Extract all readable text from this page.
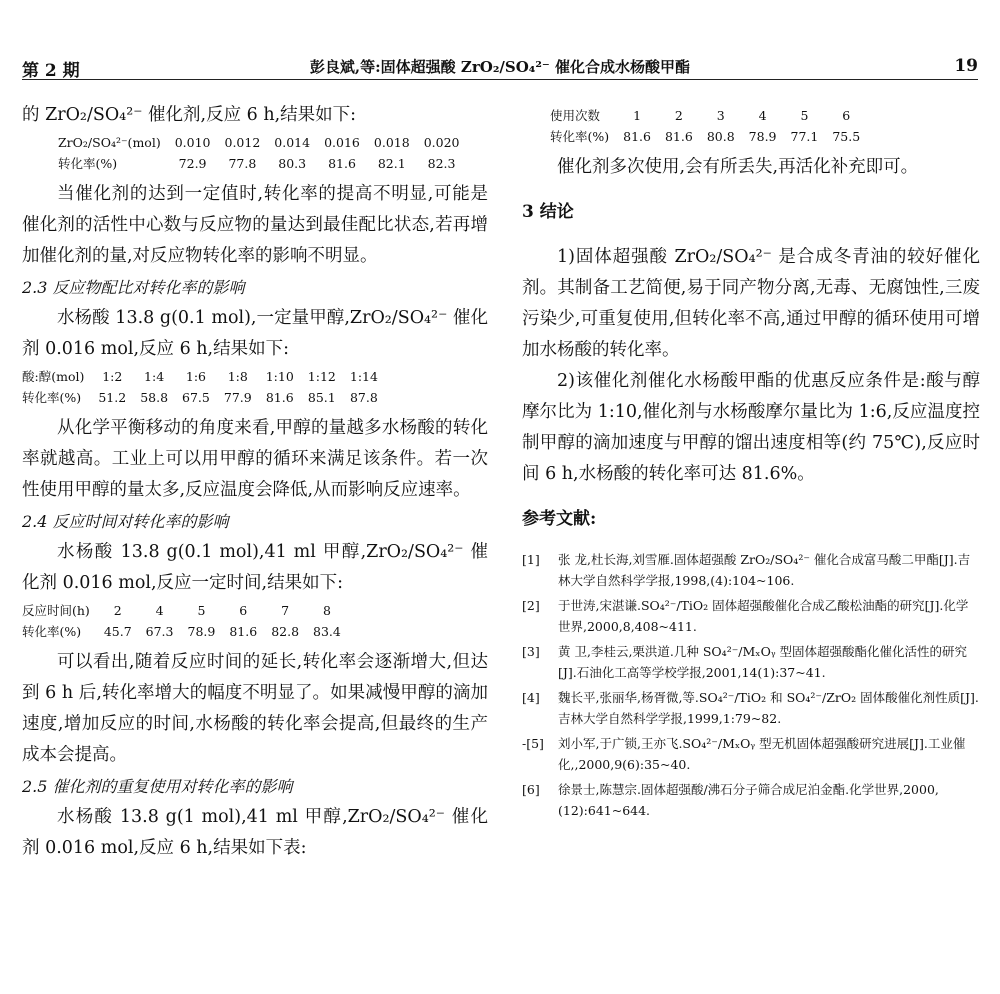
第 2 期	彭良斌,等:固体超强酸 ZrO₂/SO₄²⁻ 催化合成水杨酸甲酯	19

的 ZrO₂/SO₄²⁻ 催化剂,反应 6 h,结果如下:

ZrO₂/SO₄²⁻(mol)	0.010	0.012	0.014	0.016	0.018	0.020
转化率(%)	72.9	77.8	80.3	81.6	82.1	82.3

当催化剂的达到一定值时,转化率的提高不明显,可能是催化剂的活性中心数与反应物的量达到最佳配比状态,若再增加催化剂的量,对反应物转化率的影响不明显。

2.3 反应物配比对转化率的影响

水杨酸 13.8 g(0.1 mol),一定量甲醇,ZrO₂/SO₄²⁻ 催化剂 0.016 mol,反应 6 h,结果如下:

酸:醇(mol)	1:2	1:4	1:6	1:8	1:10	1:12	1:14
转化率(%)	51.2	58.8	67.5	77.9	81.6	85.1	87.8

从化学平衡移动的角度来看,甲醇的量越多水杨酸的转化率就越高。工业上可以用甲醇的循环来满足该条件。若一次性使用甲醇的量太多,反应温度会降低,从而影响反应速率。

2.4 反应时间对转化率的影响

水杨酸 13.8 g(0.1 mol),41 ml 甲醇,ZrO₂/SO₄²⁻ 催化剂 0.016 mol,反应一定时间,结果如下:

反应时间(h)	2	4	5	6	7	8
转化率(%)	45.7	67.3	78.9	81.6	82.8	83.4

可以看出,随着反应时间的延长,转化率会逐渐增大,但达到 6 h 后,转化率增大的幅度不明显了。如果减慢甲醇的滴加速度,增加反应的时间,水杨酸的转化率会提高,但最终的生产成本会提高。

2.5 催化剂的重复使用对转化率的影响

水杨酸 13.8 g(1 mol),41 ml 甲醇,ZrO₂/SO₄²⁻ 催化剂 0.016 mol,反应 6 h,结果如下表:

使用次数	1	2	3	4	5	6
转化率(%)	81.6	81.6	80.8	78.9	77.1	75.5

催化剂多次使用,会有所丢失,再活化补充即可。

3 结论

1)固体超强酸 ZrO₂/SO₄²⁻ 是合成冬青油的较好催化剂。其制备工艺简便,易于同产物分离,无毒、无腐蚀性,三废污染少,可重复使用,但转化率不高,通过甲醇的循环使用可增加水杨酸的转化率。

2)该催化剂催化水杨酸甲酯的优惠反应条件是:酸与醇摩尔比为 1:10,催化剂与水杨酸摩尔量比为 1:6,反应温度控制甲醇的滴加速度与甲醇的馏出速度相等(约 75℃),反应时间 6 h,水杨酸的转化率可达 81.6%。

参考文献:
[1] 张 龙,杜长海,刘雪雁.固体超强酸 ZrO₂/SO₄²⁻ 催化合成富马酸二甲酯[J].吉林大学自然科学学报,1998,(4):104~106.
[2] 于世涛,宋湛谦.SO₄²⁻/TiO₂ 固体超强酸催化合成乙酸松油酯的研究[J].化学世界,2000,8,408~411.
[3] 黄 卫,李桂云,栗洪道.几种 SO₄²⁻/MₓOᵧ 型固体超强酸酯化催化活性的研究[J].石油化工高等学校学报,2001,14(1):37~41.
[4] 魏长平,张丽华,杨胥微,等.SO₄²⁻/TiO₂ 和 SO₄²⁻/ZrO₂ 固体酸催化剂性质[J].吉林大学自然科学学报,1999,1:79~82.
-[5] 刘小军,于广锁,王亦飞.SO₄²⁻/MₓOᵧ 型无机固体超强酸研究进展[J].工业催化,,2000,9(6):35~40.
[6] 徐景士,陈慧宗.固体超强酸/沸石分子筛合成尼泊金酯.化学世界,2000,(12):641~644.
